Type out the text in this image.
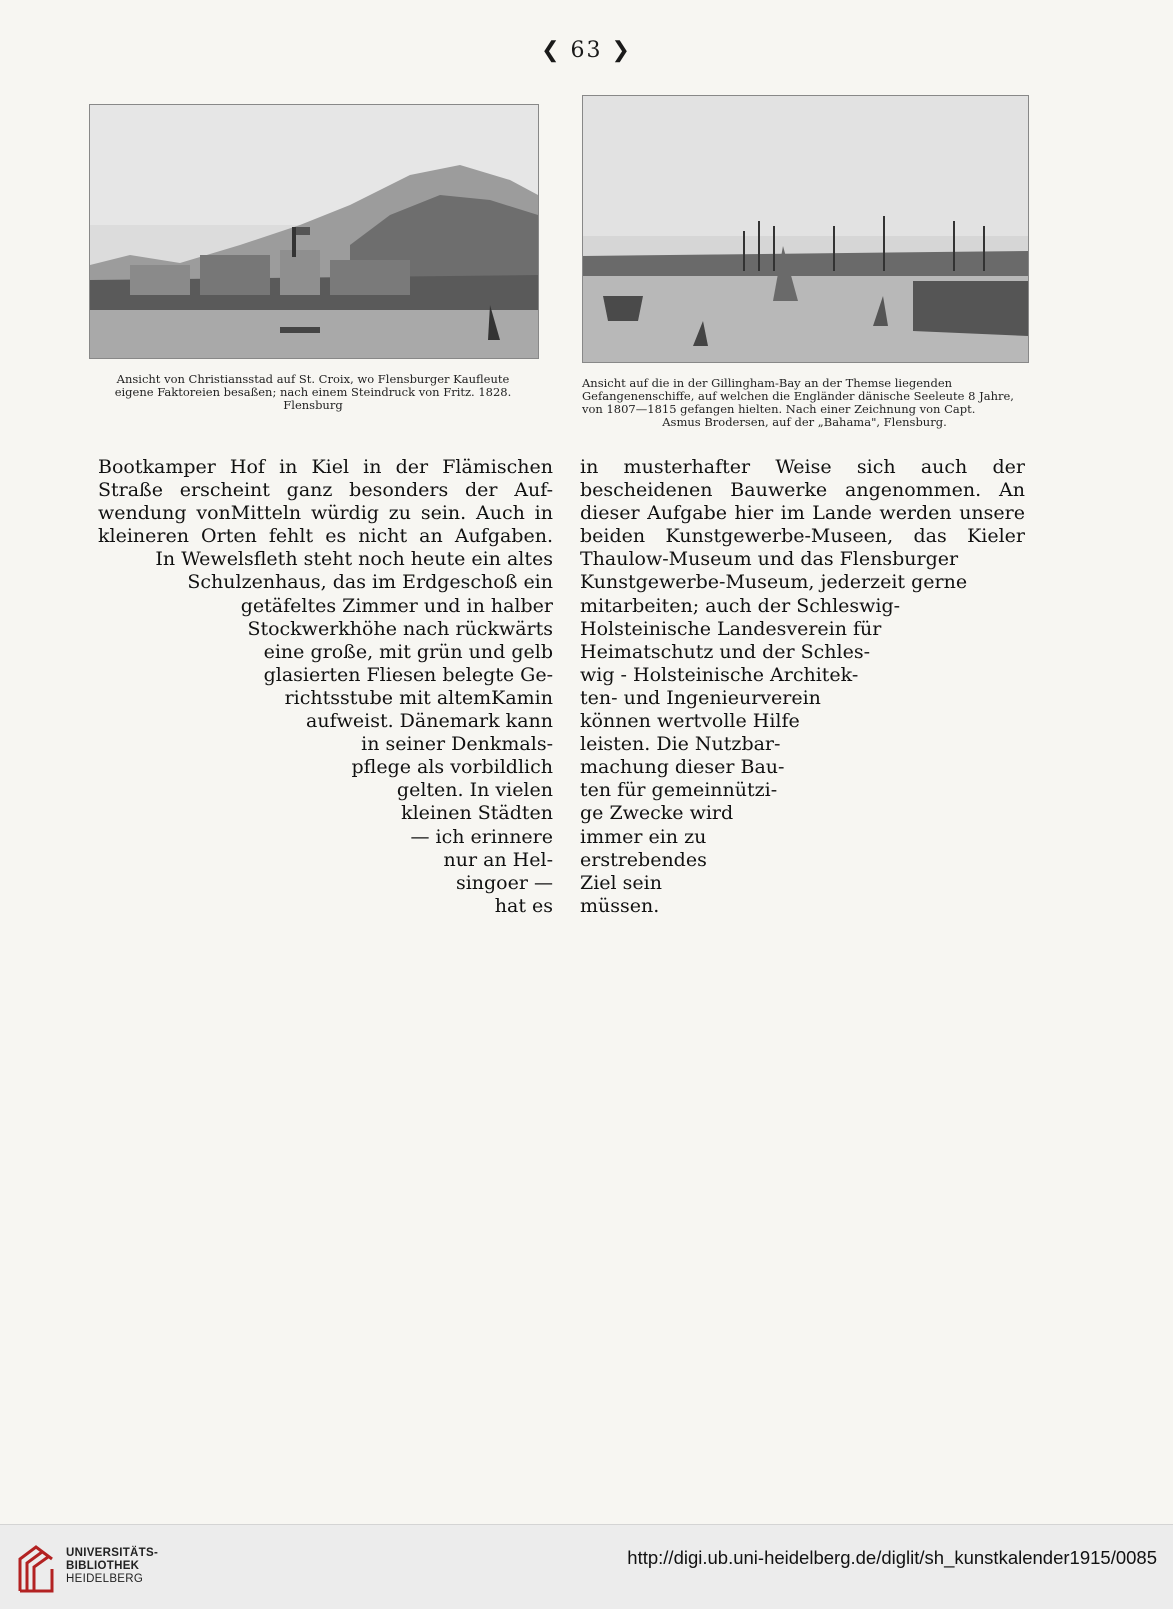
❮ 63 ❯
Ansicht von Christiansstad auf St. Croix, wo Flensburger Kaufleute
eigene Faktoreien besaßen; nach einem Steindruck von Fritz. 1828.
Flensburg
Ansicht auf die in der Gillingham-Bay an der Themse liegenden
Gefangenenschiffe, auf welchen die Engländer dänische Seeleute 8 Jahre,
von 1807—1815 gefangen hielten. Nach einer Zeichnung von Capt.
Asmus Brodersen, auf der „Bahama", Flensburg.
Bootkamper Hof in Kiel in der Flämischen
Straße erscheint ganz besonders der Auf-
wendung vonMitteln würdig zu sein. Auch in
kleineren Orten fehlt es nicht an Aufgaben.
In Wewelsfleth steht noch heute ein altes
Schulzenhaus, das im Erdgeschoß ein
getäfeltes Zimmer und in halber
Stockwerkhöhe nach rückwärts
eine große, mit grün und gelb
glasierten Fliesen belegte Ge-
richtsstube mit altemKamin
aufweist. Dänemark kann
in seiner Denkmals-
pflege als vorbildlich
gelten. In vielen
kleinen Städten
— ich erinnere
nur an Hel-
singoer —
hat es
in musterhafter Weise sich auch der
bescheidenen Bauwerke angenommen. An
dieser Aufgabe hier im Lande werden unsere
beiden Kunstgewerbe-Museen, das Kieler
Thaulow-Museum und das Flensburger
Kunstgewerbe-Museum, jederzeit gerne
mitarbeiten; auch der Schleswig-
Holsteinische Landesverein für
Heimatschutz und der Schles-
wig - Holsteinische Architek-
ten- und Ingenieurverein
können wertvolle Hilfe
leisten. Die Nutzbar-
machung dieser Bau-
ten für gemeinnützi-
ge Zwecke wird
immer ein zu
erstrebendes
Ziel sein
müssen.
UNIVERSITÄTS-
BIBLIOTHEK
HEIDELBERG
http://digi.ub.uni-heidelberg.de/diglit/sh_kunstkalender1915/0085
